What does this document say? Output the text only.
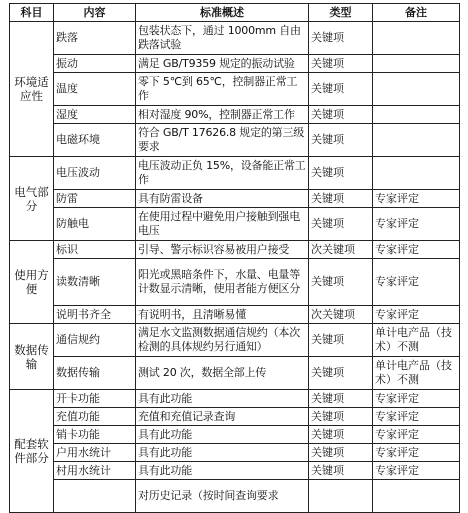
科目	内容	标准概述	类型	备注
环境适应性	跌落	包装状态下，通过 1000mm 自由跌落试验	关键项	
	振动	满足 GB/T9359 规定的振动试验	关键项	
	温度	零下 5℃到 65℃，控制器正常工作	关键项	
	湿度	相对湿度 90%，控制器正常工作	关键项	
	电磁环境	符合 GB/T 17626.8 规定的第三级要求	关键项	
电气部分	电压波动	电压波动正负 15%，设备能正常工作	关键项	
	防雷	具有防雷设备	关键项	专家评定
	防触电	在使用过程中避免用户接触到强电电压	关键项	专家评定
使用方便	标识	引导、警示标识容易被用户接受	次关键项	专家评定
	读数清晰	阳光或黑暗条件下，水量、电量等计数显示清晰，使用者能方便区分	关键项	专家评定
	说明书齐全	有说明书，且清晰易懂	次关键项	专家评定
数据传输	通信规约	满足水文监测数据通信规约（本次检测的具体规约另行通知）	关键项	单计电产品（技术）不测
	数据传输	测试 20 次，数据全部上传	关键项	单计电产品（技术）不测
配套软件部分	开卡功能	具有此功能	关键项	专家评定
	充值功能	充值和充值记录查询	关键项	专家评定
	销卡功能	具有此功能	关键项	专家评定
	户用水统计	具有此功能	关键项	专家评定
	村用水统计	具有此功能	关键项	专家评定
		对历史记录（按时间查询要求		
